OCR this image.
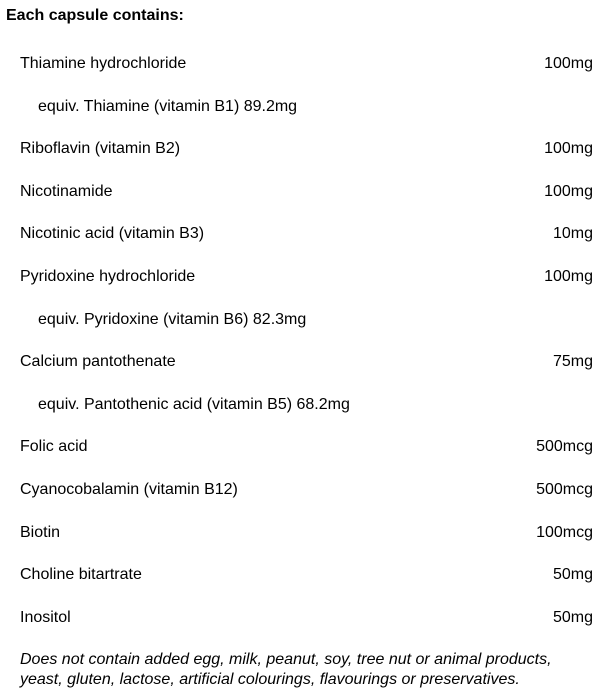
Each capsule contains:
Thiamine hydrochloride	100mg
equiv. Thiamine (vitamin B1) 89.2mg
Riboflavin (vitamin B2)	100mg
Nicotinamide	100mg
Nicotinic acid (vitamin B3)	10mg
Pyridoxine hydrochloride	100mg
equiv. Pyridoxine (vitamin B6) 82.3mg
Calcium pantothenate	75mg
equiv. Pantothenic acid (vitamin B5) 68.2mg
Folic acid	500mcg
Cyanocobalamin (vitamin B12)	500mcg
Biotin	100mcg
Choline bitartrate	50mg
Inositol	50mg

Does not contain added egg, milk, peanut, soy, tree nut or animal products, yeast, gluten, lactose, artificial colourings, flavourings or preservatives.
